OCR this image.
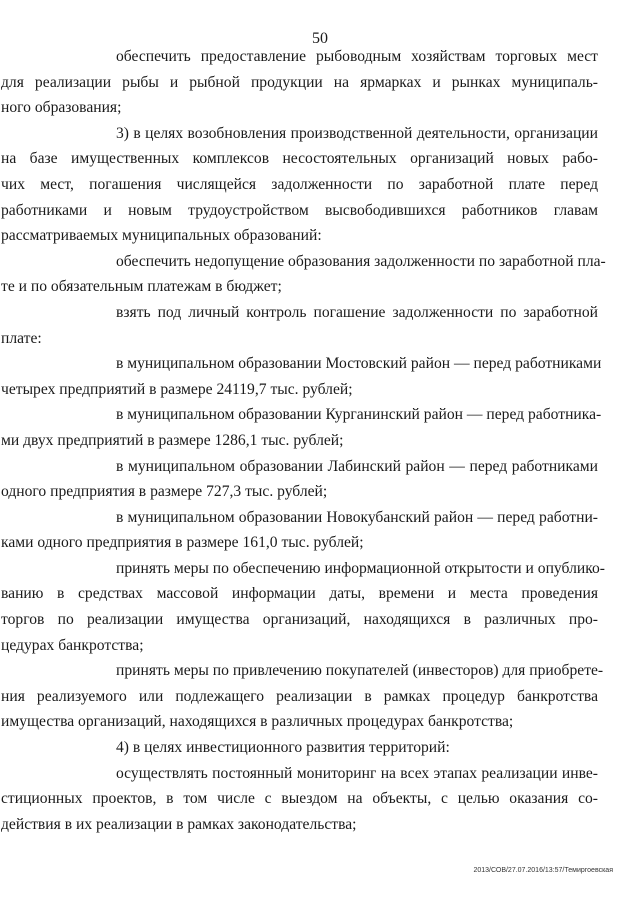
50

обеспечить предоставление рыбоводным хозяйствам торговых мест
для реализации рыбы и рыбной продукции на ярмарках и рынках муниципаль-
ного образования;

3) в целях возобновления производственной деятельности, организации
на базе имущественных комплексов несостоятельных организаций новых рабо-
чих мест, погашения числящейся задолженности по заработной плате перед
работниками и новым трудоустройством высвободившихся работников главам
рассматриваемых муниципальных образований:

обеспечить недопущение образования задолженности по заработной пла-
те и по обязательным платежам в бюджет;

взять под личный контроль погашение задолженности по заработной
плате:

в муниципальном образовании Мостовский район — перед работниками
четырех предприятий в размере 24119,7 тыс. рублей;

в муниципальном образовании Курганинский район — перед работника-
ми двух предприятий в размере 1286,1 тыс. рублей;

в муниципальном образовании Лабинский район — перед работниками
одного предприятия в размере 727,3 тыс. рублей;

в муниципальном образовании Новокубанский район — перед работни-
ками одного предприятия в размере 161,0 тыс. рублей;

принять меры по обеспечению информационной открытости и опублико-
ванию в средствах массовой информации даты, времени и места проведения
торгов по реализации имущества организаций, находящихся в различных про-
цедурах банкротства;

принять меры по привлечению покупателей (инвесторов) для приобрете-
ния реализуемого или подлежащего реализации в рамках процедур банкротства
имущества организаций, находящихся в различных процедурах банкротства;

4) в целях инвестиционного развития территорий:

осуществлять постоянный мониторинг на всех этапах реализации инве-
стиционных проектов, в том числе с выездом на объекты, с целью оказания со-
действия в их реализации в рамках законодательства;

2013/СОВ/27.07.2016/13:57/Темиргоевская
